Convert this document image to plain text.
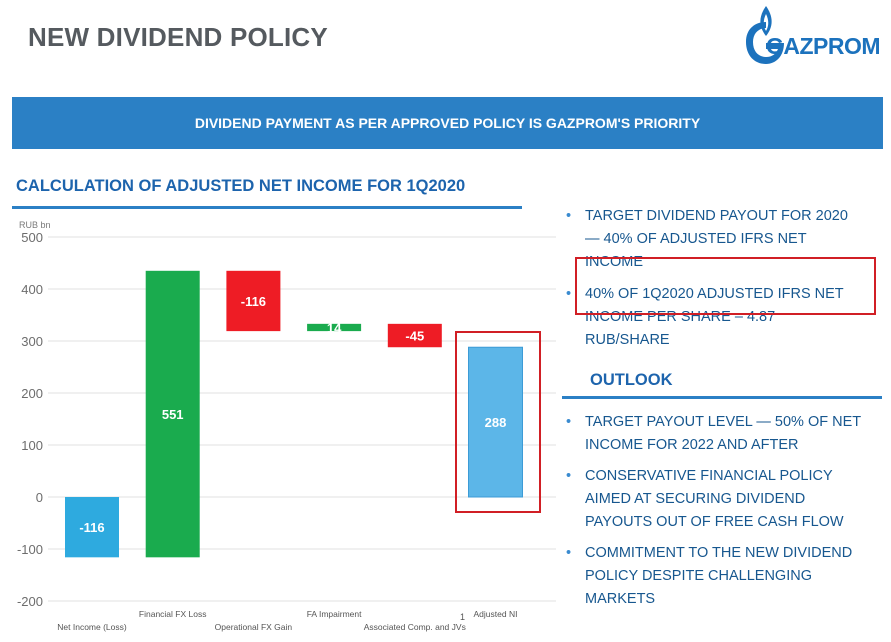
NEW DIVIDEND POLICY	GAZPROM
DIVIDEND PAYMENT AS PER APPROVED POLICY IS GAZPROM'S PRIORITY
CALCULATION OF ADJUSTED NET INCOME FOR 1Q2020
RUB bn
500
400
300
200
100
0
-100
-200
-116
551
-116
14
-45
288
Net Income (Loss)
Financial FX Loss
Operational FX Gain
FA Impairment
Associated Comp. and JVs
Adjusted NI
1
• TARGET DIVIDEND PAYOUT FOR 2020 — 40% OF ADJUSTED IFRS NET INCOME
• 40% OF 1Q2020 ADJUSTED IFRS NET INCOME PER SHARE – 4.87 RUB/SHARE
OUTLOOK
• TARGET PAYOUT LEVEL — 50% OF NET INCOME FOR 2022 AND AFTER
• CONSERVATIVE FINANCIAL POLICY AIMED AT SECURING DIVIDEND PAYOUTS OUT OF FREE CASH FLOW
• COMMITMENT TO THE NEW DIVIDEND POLICY DESPITE CHALLENGING MARKETS
